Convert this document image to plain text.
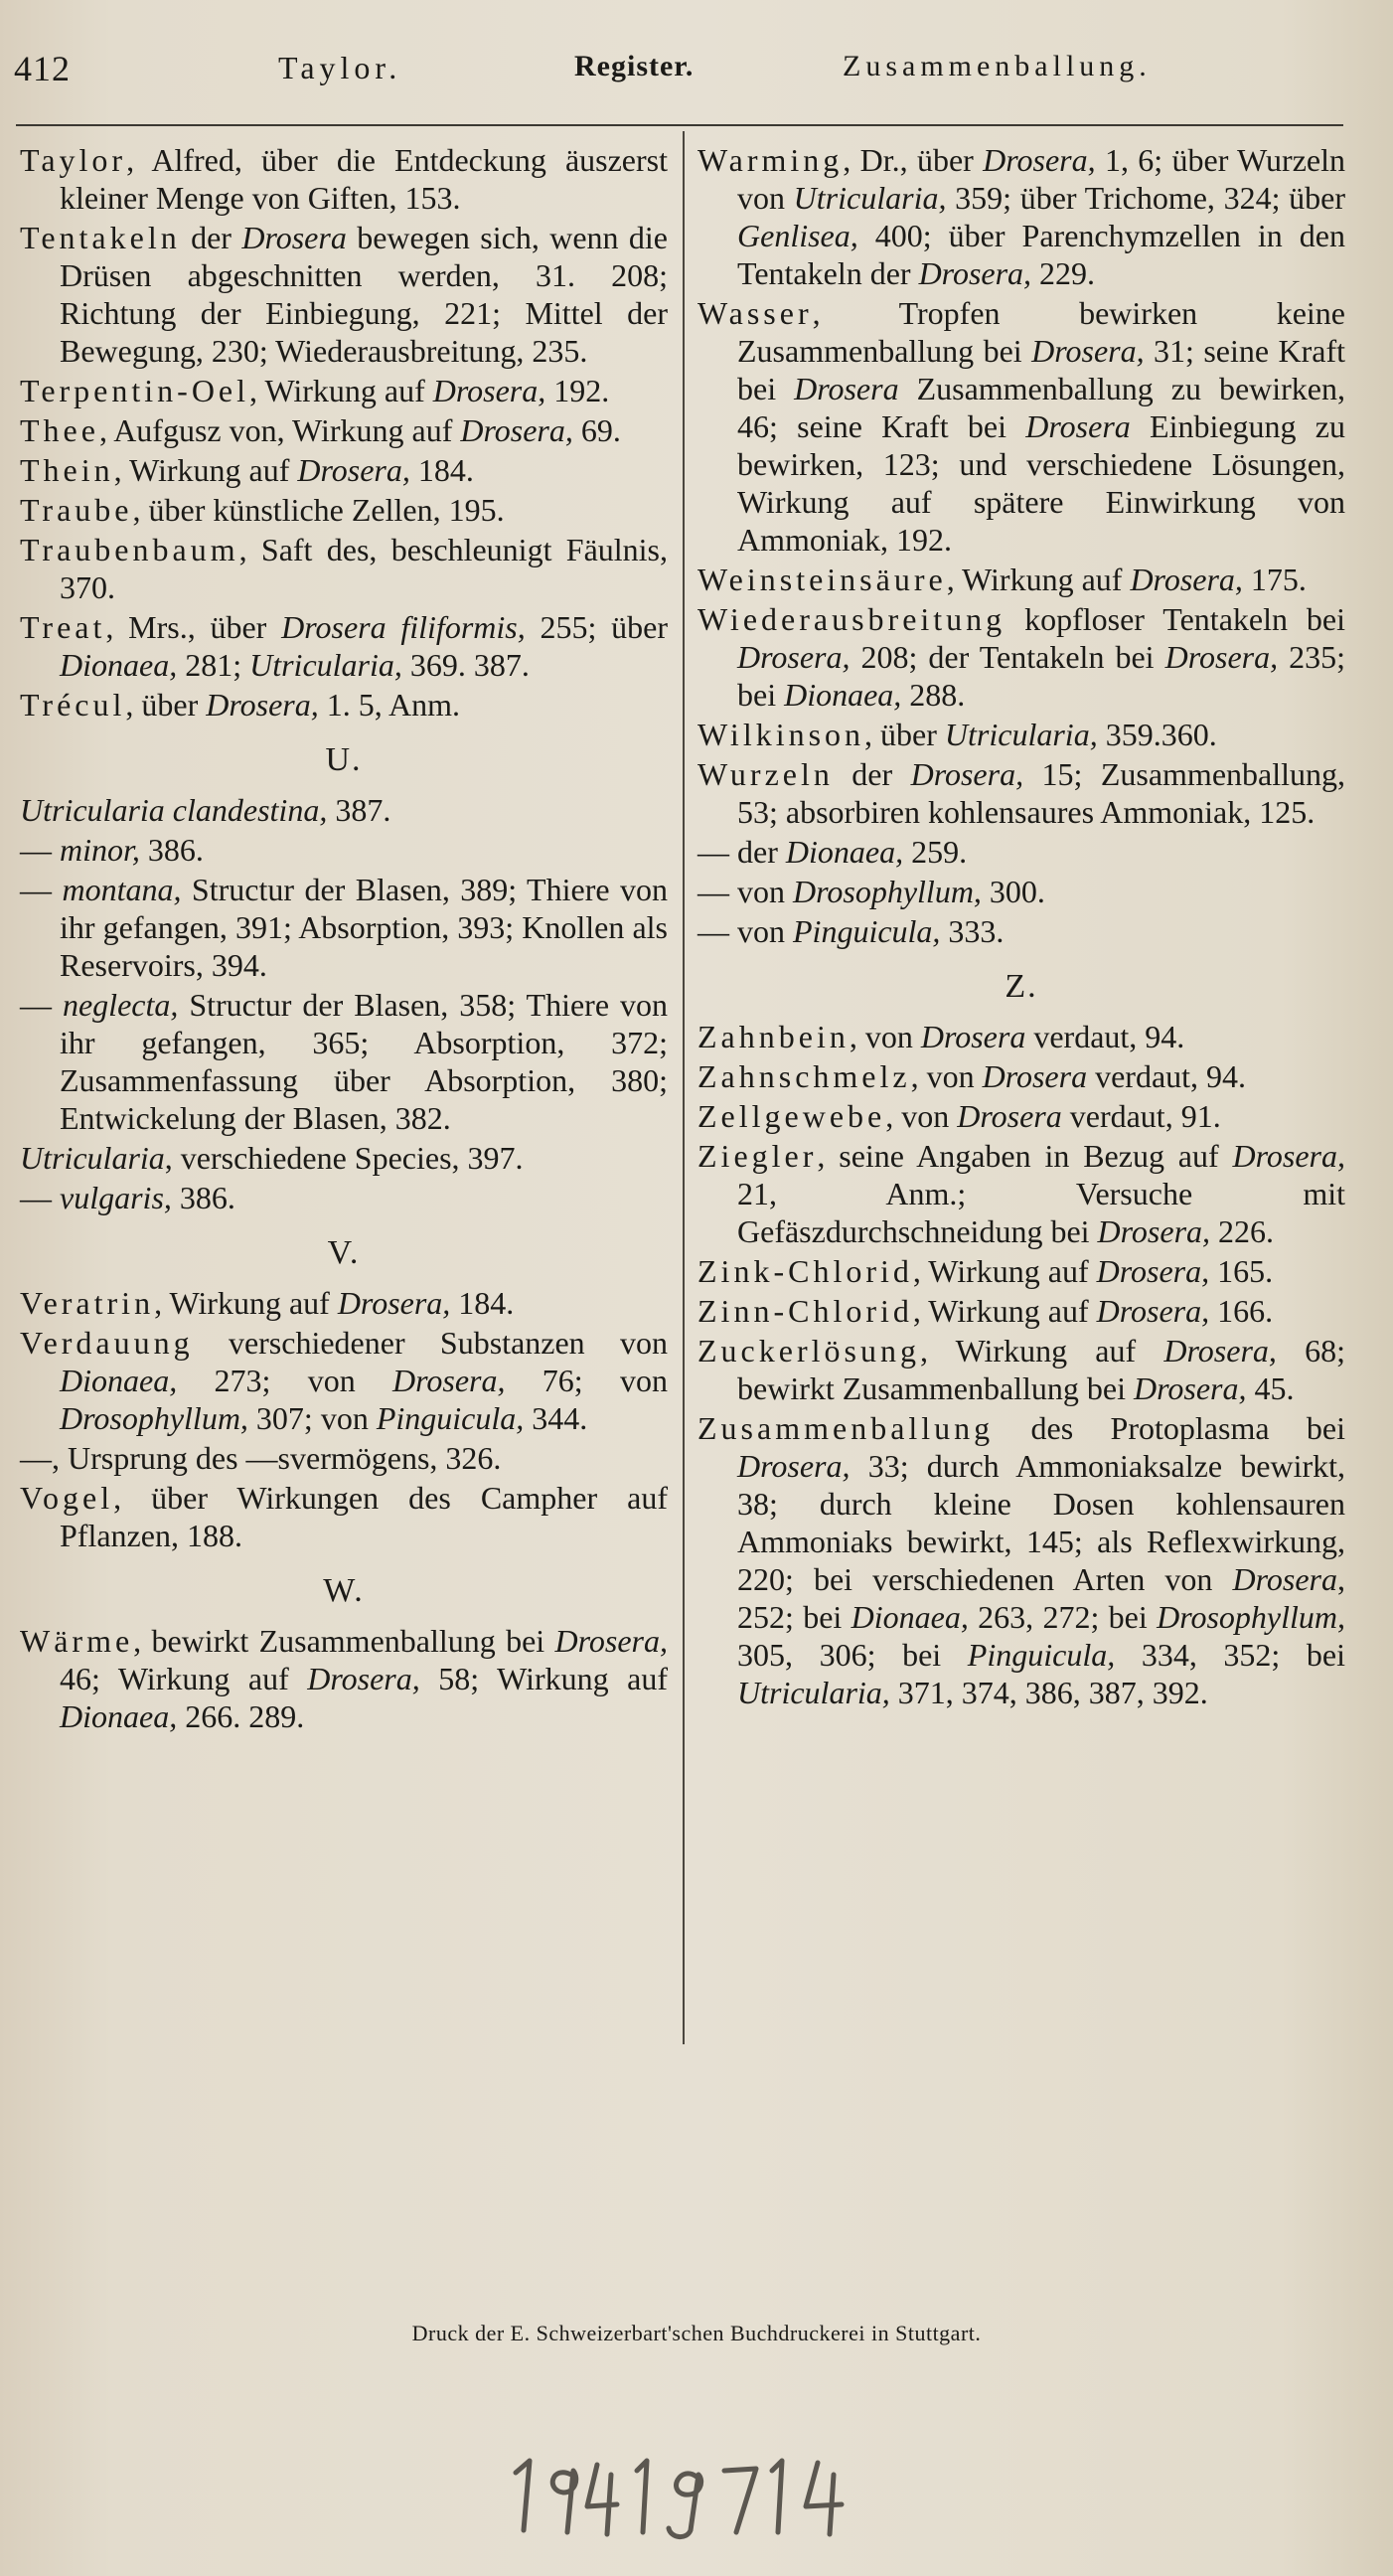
412	Taylor.	Register.	Zusammenballung.
Taylor, Alfred, über die Entdeckung äuszerst kleiner Menge von Giften, 153.
Tentakeln der Drosera bewegen sich, wenn die Drüsen abgeschnitten werden, 31. 208; Richtung der Einbiegung, 221; Mittel der Bewegung, 230; Wiederausbreitung, 235.
Terpentin-Oel, Wirkung auf Drosera, 192.
Thee, Aufgusz von, Wirkung auf Drosera, 69.
Thein, Wirkung auf Drosera, 184.
Traube, über künstliche Zellen, 195.
Traubenbaum, Saft des, beschleunigt Fäulnis, 370.
Treat, Mrs., über Drosera filiformis, 255; über Dionaea, 281; Utricularia, 369. 387.
Trécul, über Drosera, 1. 5, Anm.
U.
Utricularia clandestina, 387.
— minor, 386.
— montana, Structur der Blasen, 389; Thiere von ihr gefangen, 391; Absorption, 393; Knollen als Reservoirs, 394.
— neglecta, Structur der Blasen, 358; Thiere von ihr gefangen, 365; Absorption, 372; Zusammenfassung über Absorption, 380; Entwickelung der Blasen, 382.
Utricularia, verschiedene Species, 397.
— vulgaris, 386.
V.
Veratrin, Wirkung auf Drosera, 184.
Verdauung verschiedener Substanzen von Dionaea, 273; von Drosera, 76; von Drosophyllum, 307; von Pinguicula, 344.
—, Ursprung des —svermögens, 326.
Vogel, über Wirkungen des Campher auf Pflanzen, 188.
W.
Wärme, bewirkt Zusammenballung bei Drosera, 46; Wirkung auf Drosera, 58; Wirkung auf Dionaea, 266. 289.
Warming, Dr., über Drosera, 1, 6; über Wurzeln von Utricularia, 359; über Trichome, 324; über Genlisea, 400; über Parenchymzellen in den Tentakeln der Drosera, 229.
Wasser, Tropfen bewirken keine Zusammenballung bei Drosera, 31; seine Kraft bei Drosera Zusammenballung zu bewirken, 46; seine Kraft bei Drosera Einbiegung zu bewirken, 123; und verschiedene Lösungen, Wirkung auf spätere Einwirkung von Ammoniak, 192.
Weinsteinsäure, Wirkung auf Drosera, 175.
Wiederausbreitung kopfloser Tentakeln bei Drosera, 208; der Tentakeln bei Drosera, 235; bei Dionaea, 288.
Wilkinson, über Utricularia, 359.360.
Wurzeln der Drosera, 15; Zusammenballung, 53; absorbiren kohlensaures Ammoniak, 125.
— der Dionaea, 259.
— von Drosophyllum, 300.
— von Pinguicula, 333.
Z.
Zahnbein, von Drosera verdaut, 94.
Zahnschmelz, von Drosera verdaut, 94.
Zellgewebe, von Drosera verdaut, 91.
Ziegler, seine Angaben in Bezug auf Drosera, 21, Anm.; Versuche mit Gefäszdurchschneidung bei Drosera, 226.
Zink-Chlorid, Wirkung auf Drosera, 165.
Zinn-Chlorid, Wirkung auf Drosera, 166.
Zuckerlösung, Wirkung auf Drosera, 68; bewirkt Zusammenballung bei Drosera, 45.
Zusammenballung des Protoplasma bei Drosera, 33; durch Ammoniaksalze bewirkt, 38; durch kleine Dosen kohlensauren Ammoniaks bewirkt, 145; als Reflexwirkung, 220; bei verschiedenen Arten von Drosera, 252; bei Dionaea, 263, 272; bei Drosophyllum, 305, 306; bei Pinguicula, 334, 352; bei Utricularia, 371, 374, 386, 387, 392.
Druck der E. Schweizerbart'schen Buchdruckerei in Stuttgart.
